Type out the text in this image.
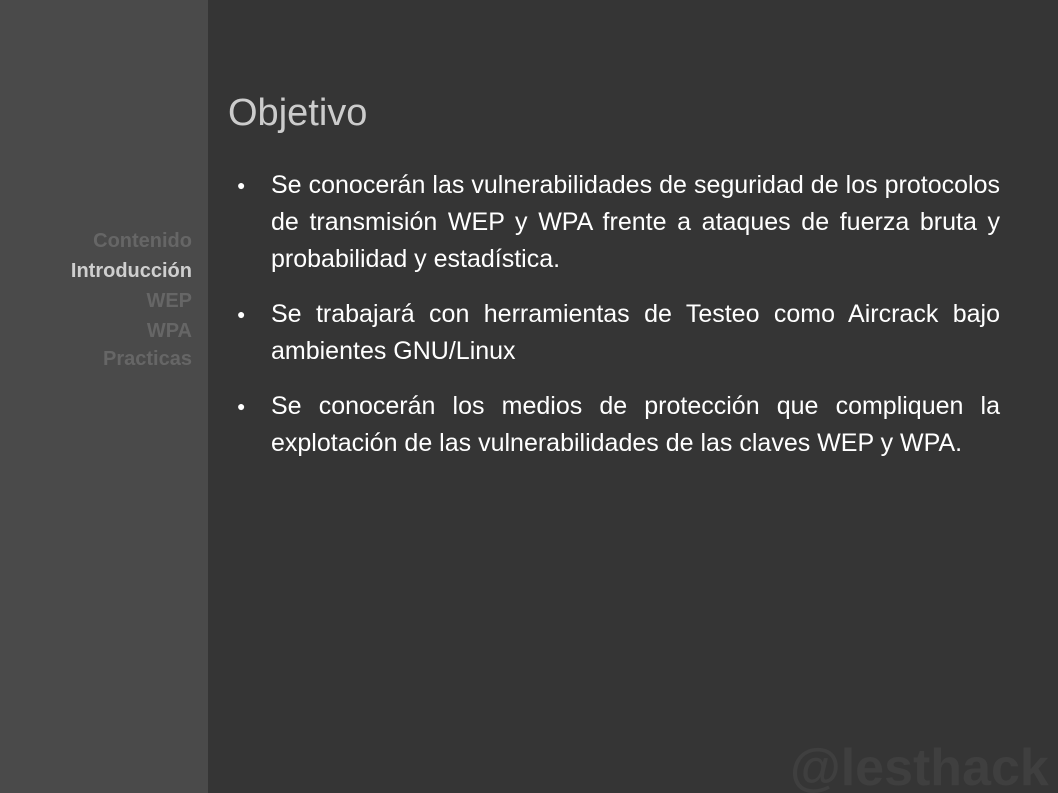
Contenido
Introducción
WEP
WPA
Practicas
Objetivo
● Se conocerán las vulnerabilidades de seguridad de los protocolos de transmisión WEP y WPA frente a ataques de fuerza bruta y probabilidad y estadística.
● Se trabajará con herramientas de Testeo como Aircrack bajo ambientes GNU/Linux
● Se conocerán los medios de protección que compliquen la explotación de las vulnerabilidades de las claves WEP y WPA.
@lesthack
